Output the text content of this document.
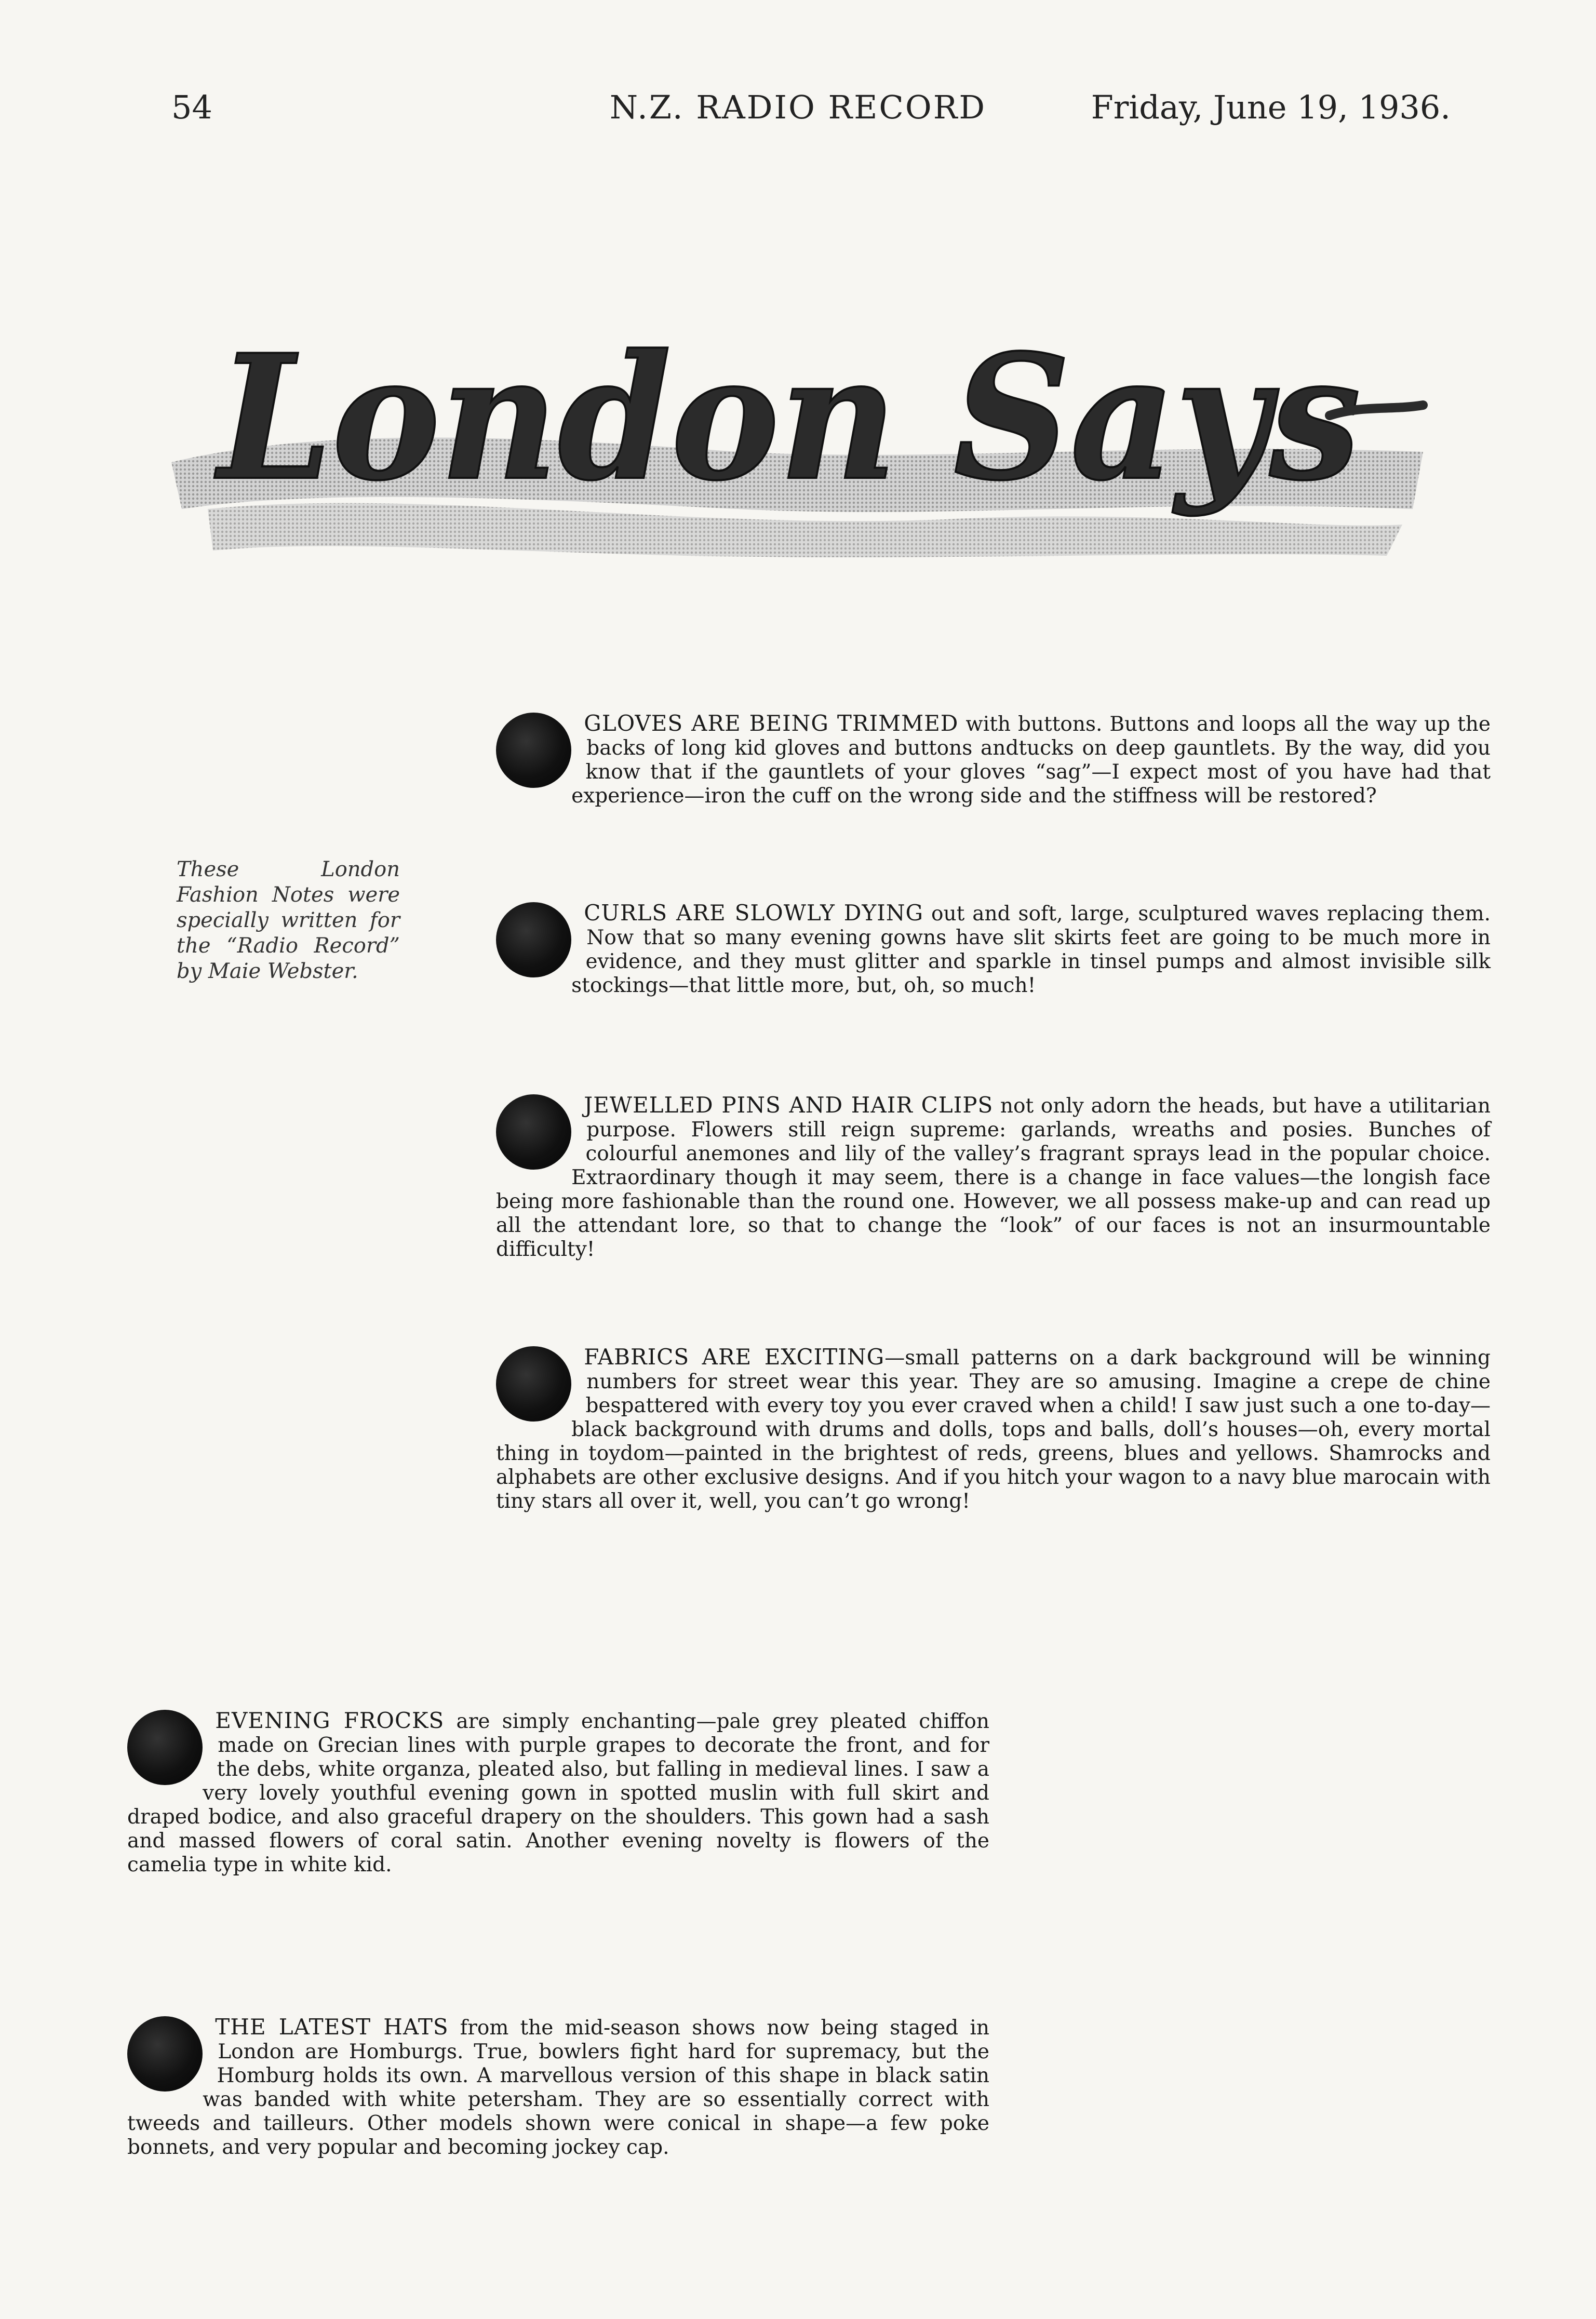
54	N.Z. RADIO RECORD	Friday, June 19, 1936.
London Says
These London Fashion Notes were specially written for the “Radio Record” by Maie Webster.
GLOVES ARE BEING TRIMMED with buttons. Buttons and loops all the way up the backs of long kid gloves and buttons andtucks on deep gauntlets. By the way, did you know that if the gauntlets of your gloves “sag”—I expect most of you have had that experience—iron the cuff on the wrong side and the stiffness will be restored?
CURLS ARE SLOWLY DYING out and soft, large, sculptured waves replacing them. Now that so many evening gowns have slit skirts feet are going to be much more in evidence, and they must glitter and sparkle in tinsel pumps and almost invisible silk stockings—that little more, but, oh, so much!
JEWELLED PINS AND HAIR CLIPS not only adorn the heads, but have a utilitarian purpose. Flowers still reign supreme: garlands, wreaths and posies. Bunches of colourful anemones and lily of the valley’s fragrant sprays lead in the popular choice. Extraordinary though it may seem, there is a change in face values—the longish face being more fashionable than the round one. However, we all possess make-up and can read up all the attendant lore, so that to change the “look” of our faces is not an insurmountable difficulty!
FABRICS ARE EXCITING—small patterns on a dark background will be winning numbers for street wear this year. They are so amusing. Imagine a crepe de chine bespattered with every toy you ever craved when a child! I saw just such a one to-day—black background with drums and dolls, tops and balls, doll’s houses—oh, every mortal thing in toydom—painted in the brightest of reds, greens, blues and yellows. Shamrocks and alphabets are other exclusive designs. And if you hitch your wagon to a navy blue marocain with tiny stars all over it, well, you can’t go wrong!
EVENING FROCKS are simply enchanting—pale grey pleated chiffon made on Grecian lines with purple grapes to decorate the front, and for the debs, white organza, pleated also, but falling in medieval lines. I saw a very lovely youthful evening gown in spotted muslin with full skirt and draped bodice, and also graceful drapery on the shoulders. This gown had a sash and massed flowers of coral satin. Another evening novelty is flowers of the camelia type in white kid.
THE LATEST HATS from the mid-season shows now being staged in London are Homburgs. True, bowlers fight hard for supremacy, but the Homburg holds its own. A marvellous version of this shape in black satin was banded with white petersham. They are so essentially correct with tweeds and tailleurs. Other models shown were conical in shape—a few poke bonnets, and very popular and becoming jockey cap.
